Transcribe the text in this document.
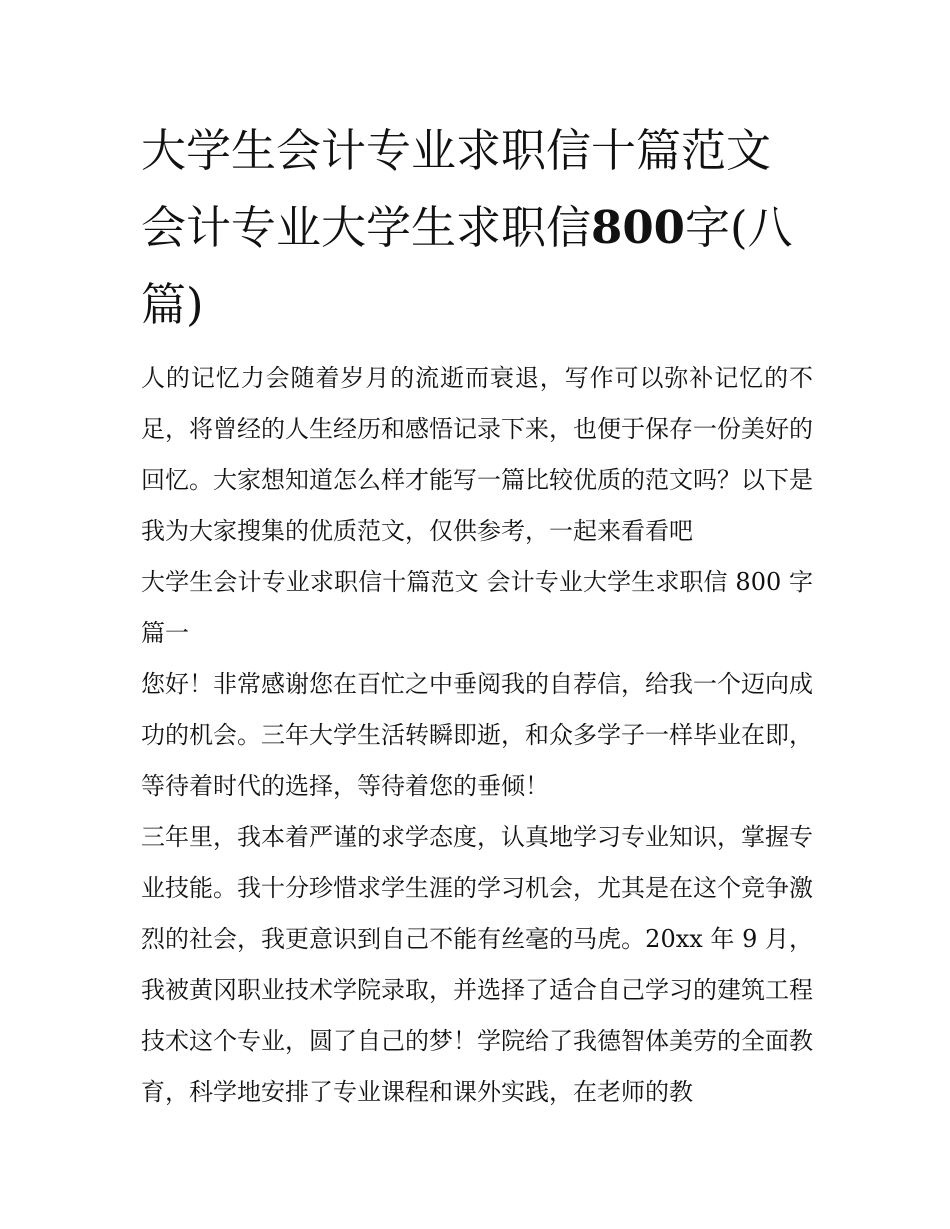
大学生会计专业求职信十篇范文 会计专业大学生求职信800字(八篇)

人的记忆力会随着岁月的流逝而衰退，写作可以弥补记忆的不足，将曾经的人生经历和感悟记录下来，也便于保存一份美好的回忆。大家想知道怎么样才能写一篇比较优质的范文吗？以下是我为大家搜集的优质范文，仅供参考，一起来看看吧

大学生会计专业求职信十篇范文 会计专业大学生求职信 800 字篇一

您好！非常感谢您在百忙之中垂阅我的自荐信，给我一个迈向成功的机会。三年大学生活转瞬即逝，和众多学子一样毕业在即，等待着时代的选择，等待着您的垂倾！

三年里，我本着严谨的求学态度，认真地学习专业知识，掌握专业技能。我十分珍惜求学生涯的学习机会，尤其是在这个竞争激烈的社会，我更意识到自己不能有丝毫的马虎。20xx 年 9 月，我被黄冈职业技术学院录取，并选择了适合自己学习的建筑工程技术这个专业，圆了自己的梦！学院给了我德智体美劳的全面教育，科学地安排了专业课程和课外实践，在老师的教
